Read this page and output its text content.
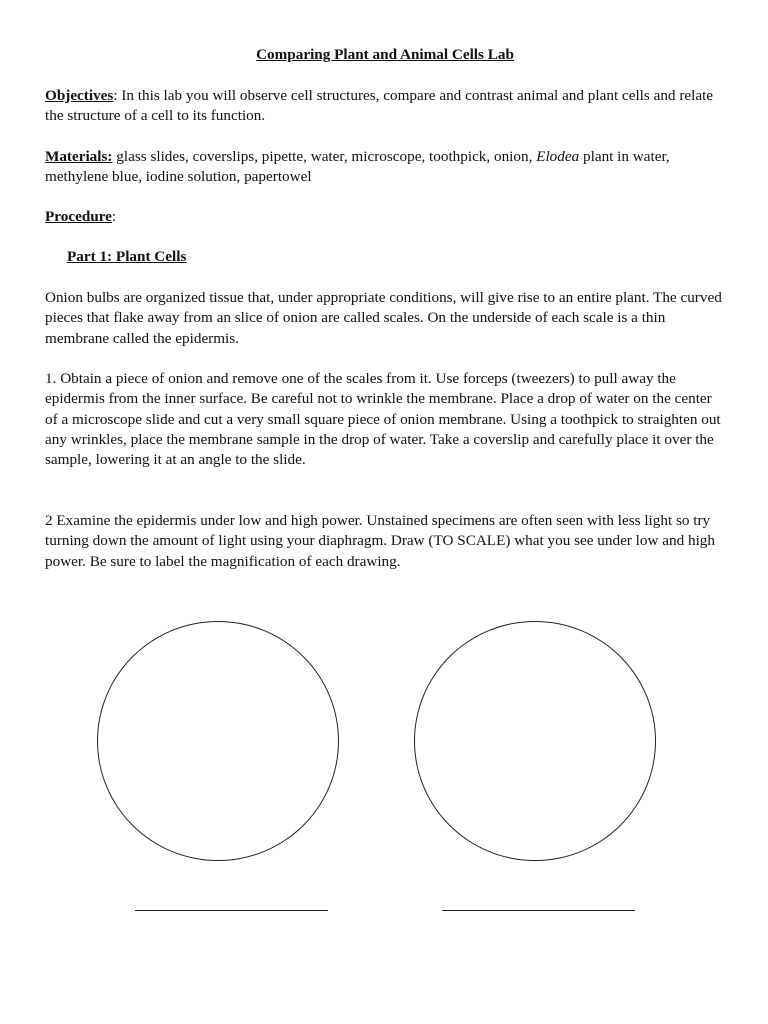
Comparing Plant and Animal Cells Lab

Objectives: In this lab you will observe cell structures, compare and contrast animal and plant cells and relate the structure of a cell to its function.

Materials: glass slides, coverslips, pipette, water, microscope, toothpick, onion, Elodea plant in water, methylene blue, iodine solution, papertowel

Procedure:

Part 1: Plant Cells

Onion bulbs are organized tissue that, under appropriate conditions, will give rise to an entire plant. The curved pieces that flake away from an slice of onion are called scales. On the underside of each scale is a thin membrane called the epidermis.

1. Obtain a piece of onion and remove one of the scales from it. Use forceps (tweezers) to pull away the epidermis from the inner surface. Be careful not to wrinkle the membrane. Place a drop of water on the center of a microscope slide and cut a very small square piece of onion membrane. Using a toothpick to straighten out any wrinkles, place the membrane sample in the drop of water. Take a coverslip and carefully place it over the sample, lowering it at an angle to the slide.

2 Examine the epidermis under low and high power. Unstained specimens are often seen with less light so try turning down the amount of light using your diaphragm. Draw (TO SCALE) what you see under low and high power. Be sure to label the magnification of each drawing.
